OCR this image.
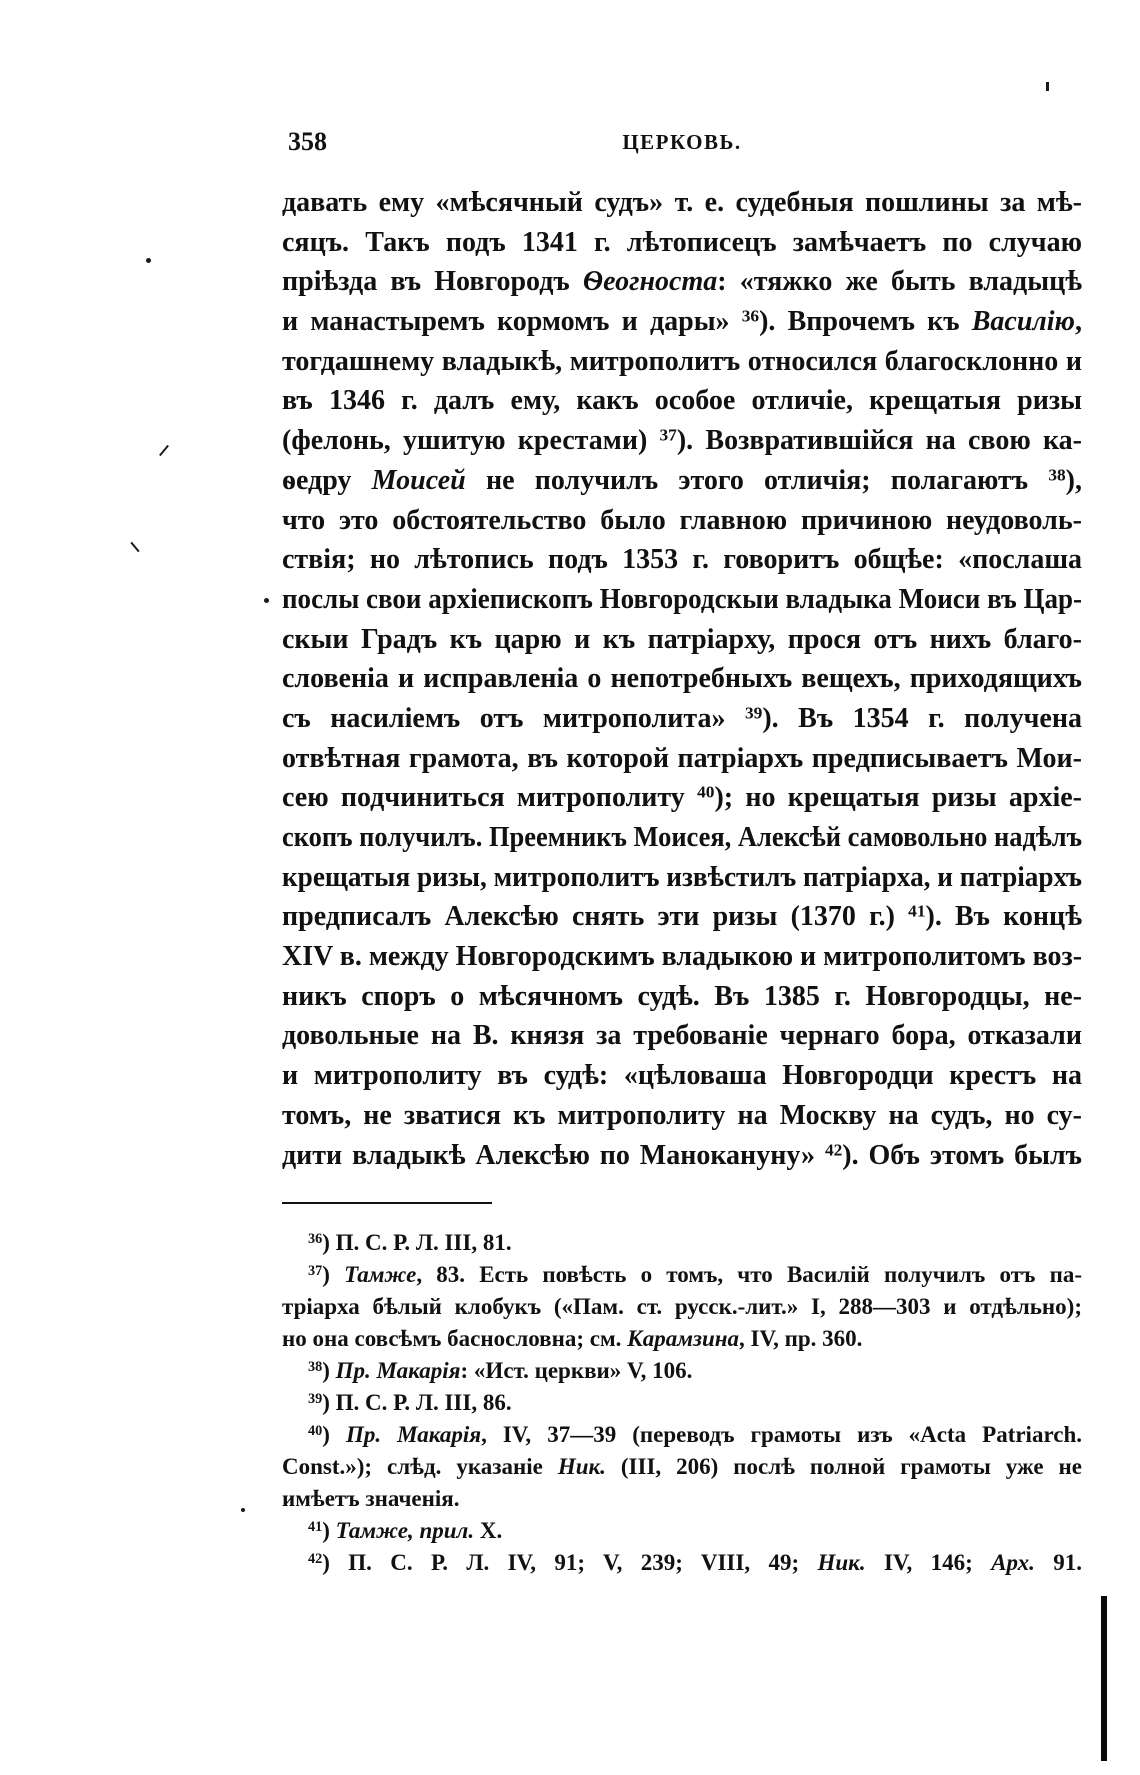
358	ЦЕРКОВЬ.
давать ему «мѣсячный судъ» т. е. судебныя пошлины за мѣ-
сяцъ. Такъ подъ 1341 г. лѣтописецъ замѣчаетъ по случаю
пріѣзда въ Новгородъ Ѳеогноста: «тяжко же быть владыцѣ
и манастыремъ кормомъ и дары» $^{36}$). Впрочемъ къ Василію,
тогдашнему владыкѣ, митрополитъ относился благосклонно и
въ 1346 г. далъ ему, какъ особое отличіе, крещатыя ризы
(фелонь, ушитую крестами) $^{37}$). Возвратившійся на свою ка-
ѳедру Моисей не получилъ этого отличія; полагаютъ $^{38}$),
что это обстоятельство было главною причиною неудоволь-
ствія; но лѣтопись подъ 1353 г. говоритъ общѣе: «послаша
послы свои архіепископъ Новгородскыи владыка Моиси въ Цар-
скыи Градъ къ царю и къ патріарху, прося отъ нихъ благо-
словеніа и исправленіа о непотребныхъ вещехъ, приходящихъ
съ насиліемъ отъ митрополита» $^{39}$). Въ 1354 г. получена
отвѣтная грамота, въ которой патріархъ предписываетъ Мои-
сею подчиниться митрополиту $^{40}$); но крещатыя ризы архіе-
скопъ получилъ. Преемникъ Моисея, Алексѣй самовольно надѣлъ
крещатыя ризы, митрополитъ извѣстилъ патріарха, и патріархъ
предписалъ Алексѣю снять эти ризы (1370 г.) $^{41}$). Въ концѣ
XIV в. между Новгородскимъ владыкою и митрополитомъ воз-
никъ споръ о мѣсячномъ судѣ. Въ 1385 г. Новгородцы, не-
довольные на В. князя за требованіе чернаго бора, отказали
и митрополиту въ судѣ: «цѣловаша Новгородци крестъ на
томъ, не зватися къ митрополиту на Москву на судъ, но су-
дити владыкѣ Алексѣю по Манокануну» $^{42}$). Объ этомъ былъ
$^{36}$) П. С. Р. Л. III, 81.
$^{37}$) Тамже, 83. Есть повѣсть о томъ, что Василій получилъ отъ па-
тріарха бѣлый клобукъ («Пам. ст. русск.-лит.» I, 288—303 и отдѣльно);
но она совсѣмъ баснословна; см. Карамзина, IV, пр. 360.
$^{38}$) Пр. Макарія: «Ист. церкви» V, 106.
$^{39}$) П. С. Р. Л. III, 86.
$^{40}$) Пр. Макарія, IV, 37—39 (переводъ грамоты изъ «Acta Patriarch.
Const.»); слѣд. указаніе Ник. (III, 206) послѣ полной грамоты уже не
имѣетъ значенія.
$^{41}$) Тамже, прил. X.
$^{42}$) П. С. Р. Л. IV, 91; V, 239; VIII, 49; Ник. IV, 146; Арх. 91.
